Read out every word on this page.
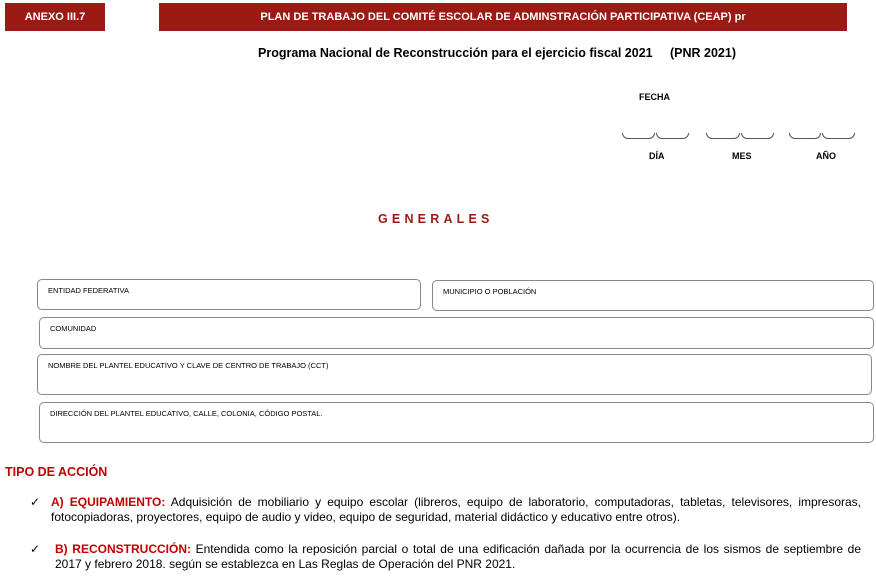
ANEXO III.7	PLAN DE TRABAJO DEL COMITÉ ESCOLAR DE ADMINSTRACIÓN PARTICIPATIVA (CEAP) pr
Programa Nacional de Reconstrucción para el ejercicio fiscal 2021     (PNR 2021)
FECHA
DÍA	MES	AÑO
GENERALES
ENTIDAD FEDERATIVA	MUNICIPIO O POBLACIÓN
COMUNIDAD
NOMBRE DEL PLANTEL EDUCATIVO Y CLAVE DE CENTRO DE TRABAJO (CCT)
DIRECCIÓN DEL PLANTEL EDUCATIVO, CALLE, COLONIA, CÓDIGO POSTAL.
TIPO DE ACCIÓN
✓ A) EQUIPAMIENTO: Adquisición de mobiliario y equipo escolar (libreros, equipo de laboratorio, computadoras, tabletas, televisores, impresoras, fotocopiadoras, proyectores, equipo de audio y video, equipo de seguridad, material didáctico y educativo entre otros).
✓ B) RECONSTRUCCIÓN: Entendida como la reposición parcial o total de una edificación dañada por la ocurrencia de los sismos de septiembre de 2017 y febrero 2018. según se establezca en Las Reglas de Operación del PNR 2021.
